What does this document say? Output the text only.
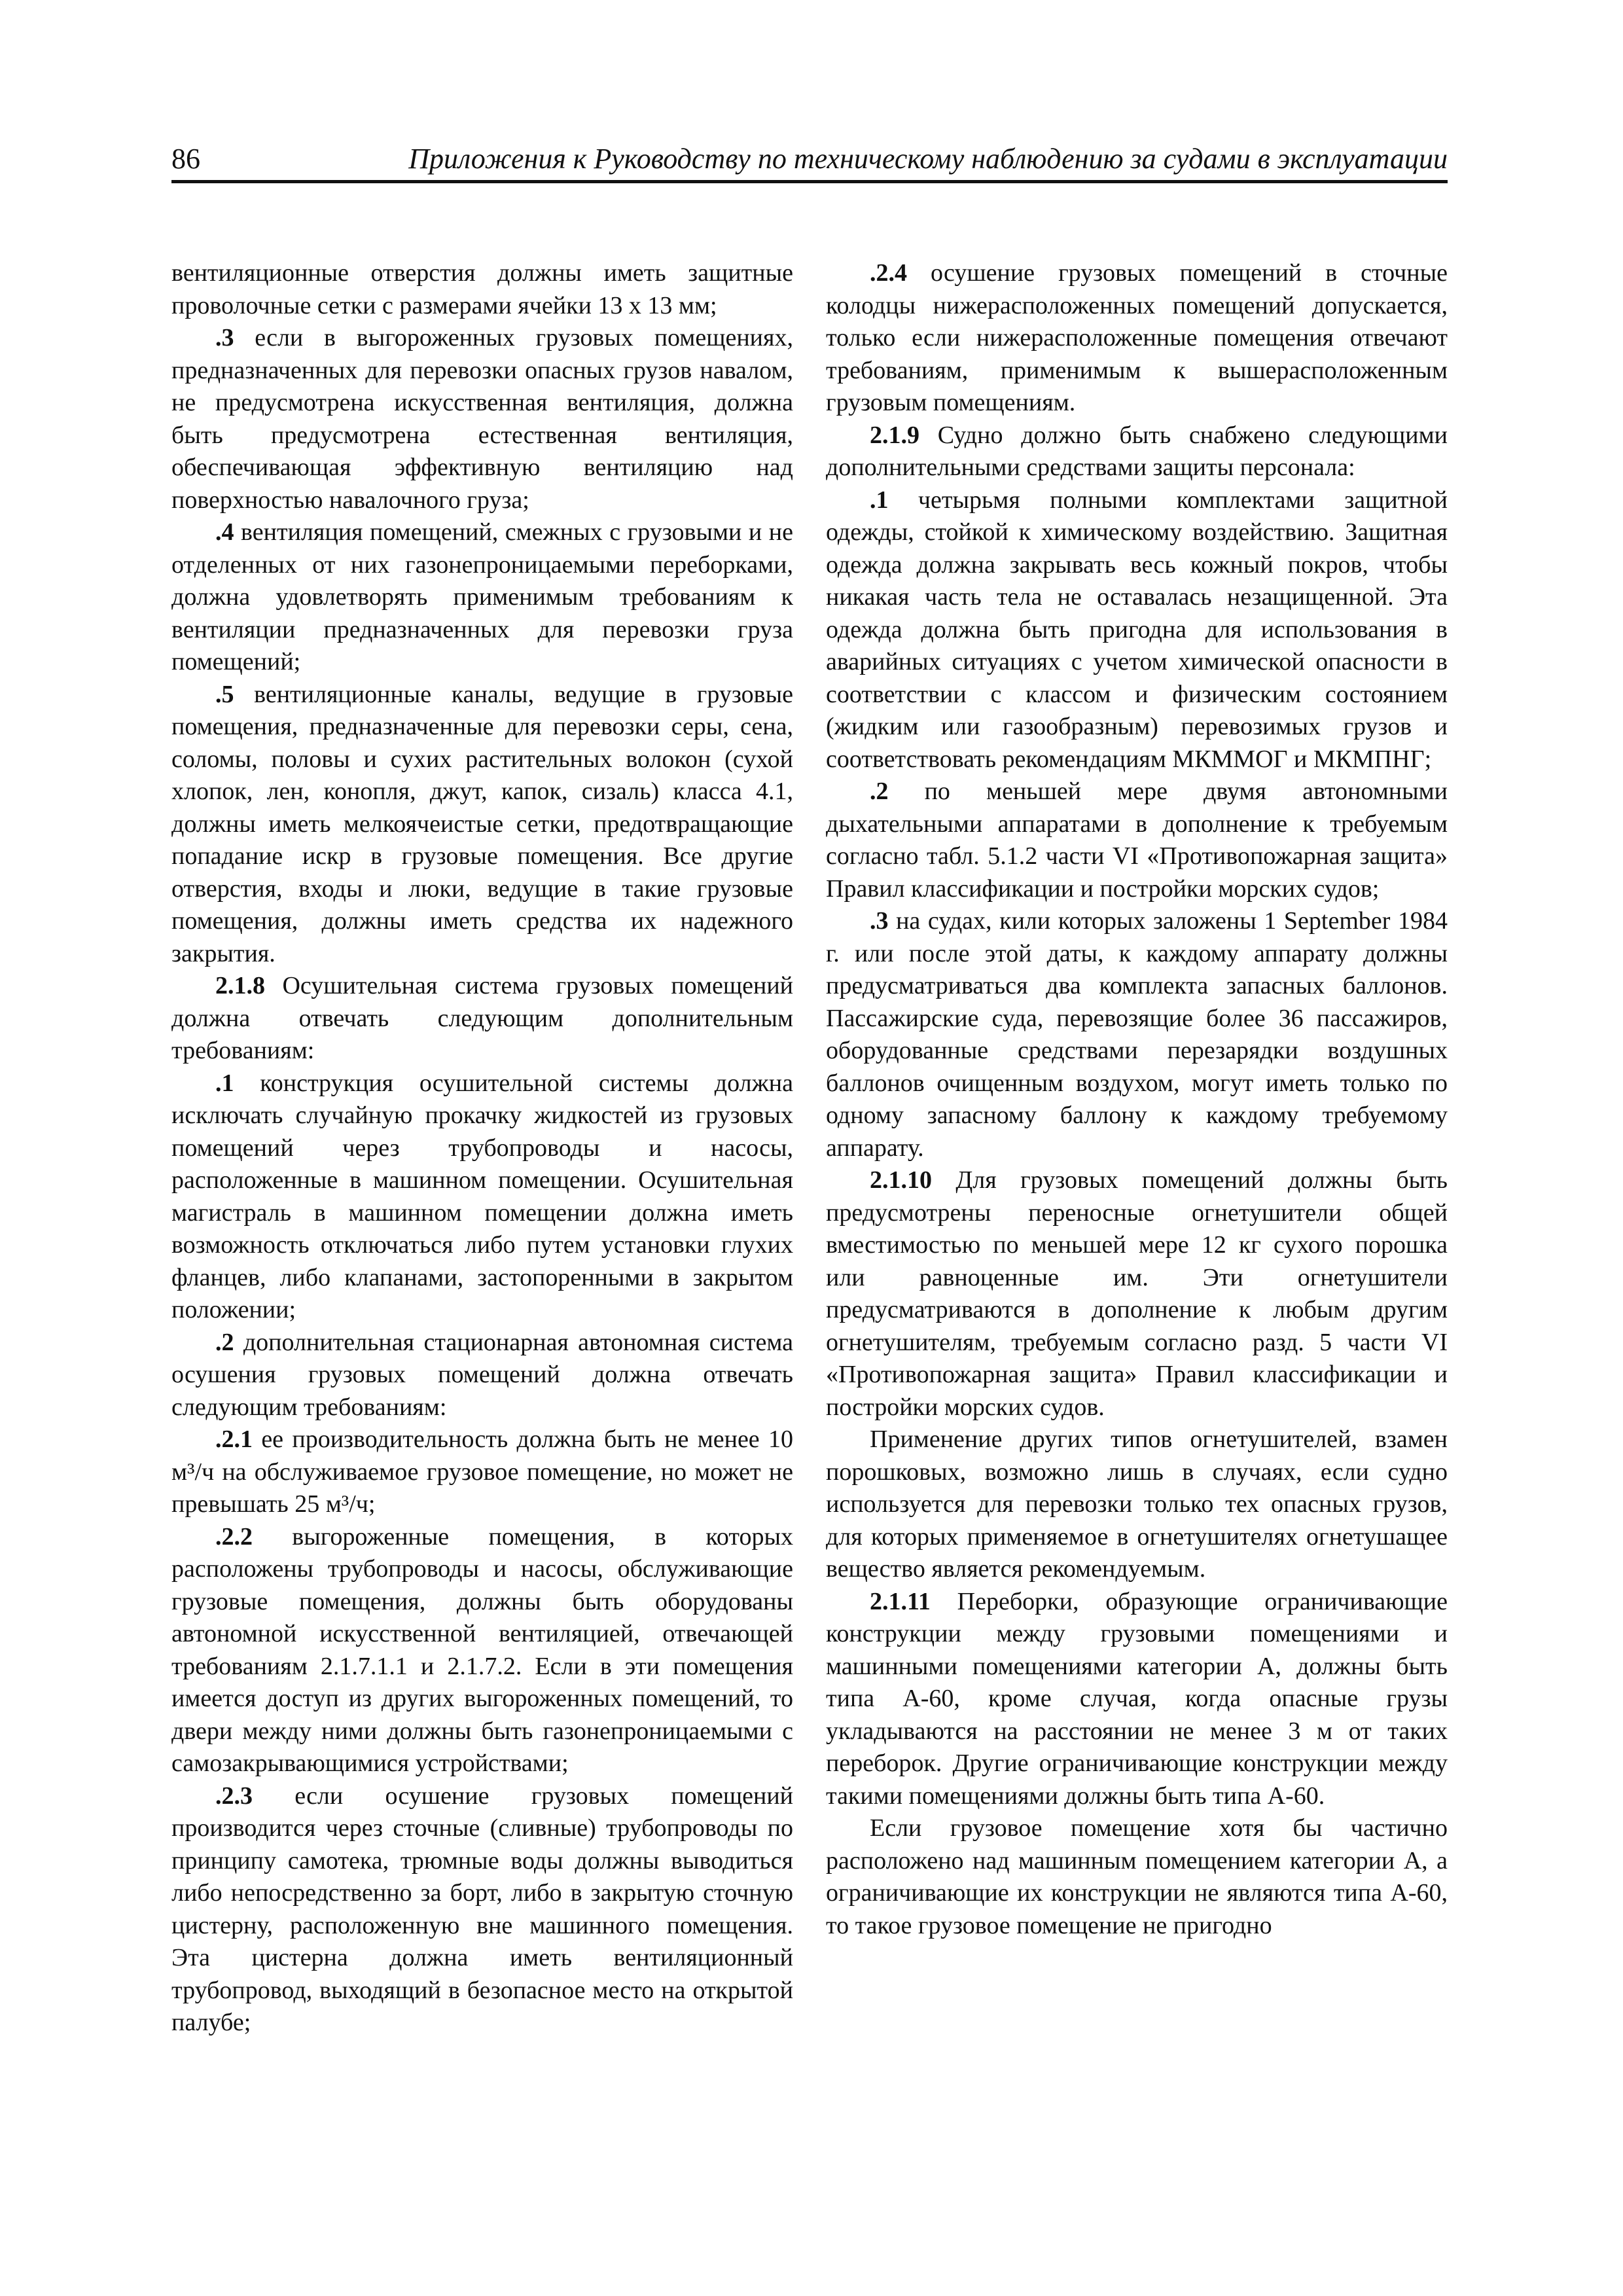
86	Приложения к Руководству по техническому наблюдению за судами в эксплуатации

вентиляционные отверстия должны иметь защитные проволочные сетки с размерами ячейки 13 x 13 мм;

.3 если в выгороженных грузовых помещениях, предназначенных для перевозки опасных грузов навалом, не предусмотрена искусственная вентиляция, должна быть предусмотрена естественная вентиляция, обеспечивающая эффективную вентиляцию над поверхностью навалочного груза;

.4 вентиляция помещений, смежных с грузовыми и не отделенных от них газонепроницаемыми переборками, должна удовлетворять применимым требованиям к вентиляции предназначенных для перевозки груза помещений;

.5 вентиляционные каналы, ведущие в грузовые помещения, предназначенные для перевозки серы, сена, соломы, половы и сухих растительных волокон (сухой хлопок, лен, конопля, джут, капок, сизаль) класса 4.1, должны иметь мелкоячеистые сетки, предотвращающие попадание искр в грузовые помещения. Все другие отверстия, входы и люки, ведущие в такие грузовые помещения, должны иметь средства их надежного закрытия.

2.1.8 Осушительная система грузовых помещений должна отвечать следующим дополнительным требованиям:

.1 конструкция осушительной системы должна исключать случайную прокачку жидкостей из грузовых помещений через трубопроводы и насосы, расположенные в машинном помещении. Осушительная магистраль в машинном помещении должна иметь возможность отключаться либо путем установки глухих фланцев, либо клапанами, застопоренными в закрытом положении;

.2 дополнительная стационарная автономная система осушения грузовых помещений должна отвечать следующим требованиям:

.2.1 ее производительность должна быть не менее 10 м³/ч на обслуживаемое грузовое помещение, но может не превышать 25 м³/ч;

.2.2 выгороженные помещения, в которых расположены трубопроводы и насосы, обслуживающие грузовые помещения, должны быть оборудованы автономной искусственной вентиляцией, отвечающей требованиям 2.1.7.1.1 и 2.1.7.2. Если в эти помещения имеется доступ из других выгороженных помещений, то двери между ними должны быть газонепроницаемыми с самозакрывающимися устройствами;

.2.3 если осушение грузовых помещений производится через сточные (сливные) трубопроводы по принципу самотека, трюмные воды должны выводиться либо непосредственно за борт, либо в закрытую сточную цистерну, расположенную вне машинного помещения. Эта цистерна должна иметь вентиляционный трубопровод, выходящий в безопасное место на открытой палубе;

.2.4 осушение грузовых помещений в сточные колодцы нижерасположенных помещений допускается, только если нижерасположенные помещения отвечают требованиям, применимым к вышерасположенным грузовым помещениям.

2.1.9 Судно должно быть снабжено следующими дополнительными средствами защиты персонала:

.1 четырьмя полными комплектами защитной одежды, стойкой к химическому воздействию. Защитная одежда должна закрывать весь кожный покров, чтобы никакая часть тела не оставалась незащищенной. Эта одежда должна быть пригодна для использования в аварийных ситуациях с учетом химической опасности в соответствии с классом и физическим состоянием (жидким или газообразным) перевозимых грузов и соответствовать рекомендациям МКММОГ и МКМПНГ;

.2 по меньшей мере двумя автономными дыхательными аппаратами в дополнение к требуемым согласно табл. 5.1.2 части VI «Противопожарная защита» Правил классификации и постройки морских судов;

.3 на судах, кили которых заложены 1 September 1984 г. или после этой даты, к каждому аппарату должны предусматриваться два комплекта запасных баллонов. Пассажирские суда, перевозящие более 36 пассажиров, оборудованные средствами перезарядки воздушных баллонов очищенным воздухом, могут иметь только по одному запасному баллону к каждому требуемому аппарату.

2.1.10 Для грузовых помещений должны быть предусмотрены переносные огнетушители общей вместимостью по меньшей мере 12 кг сухого порошка или равноценные им. Эти огнетушители предусматриваются в дополнение к любым другим огнетушителям, требуемым согласно разд. 5 части VI «Противопожарная защита» Правил классификации и постройки морских судов.

Применение других типов огнетушителей, взамен порошковых, возможно лишь в случаях, если судно используется для перевозки только тех опасных грузов, для которых применяемое в огнетушителях огнетушащее вещество является рекомендуемым.

2.1.11 Переборки, образующие ограничивающие конструкции между грузовыми помещениями и машинными помещениями категории A, должны быть типа A-60, кроме случая, когда опасные грузы укладываются на расстоянии не менее 3 м от таких переборок. Другие ограничивающие конструкции между такими помещениями должны быть типа A-60.

Если грузовое помещение хотя бы частично расположено над машинным помещением категории A, а ограничивающие их конструкции не являются типа A-60, то такое грузовое помещение не пригодно
